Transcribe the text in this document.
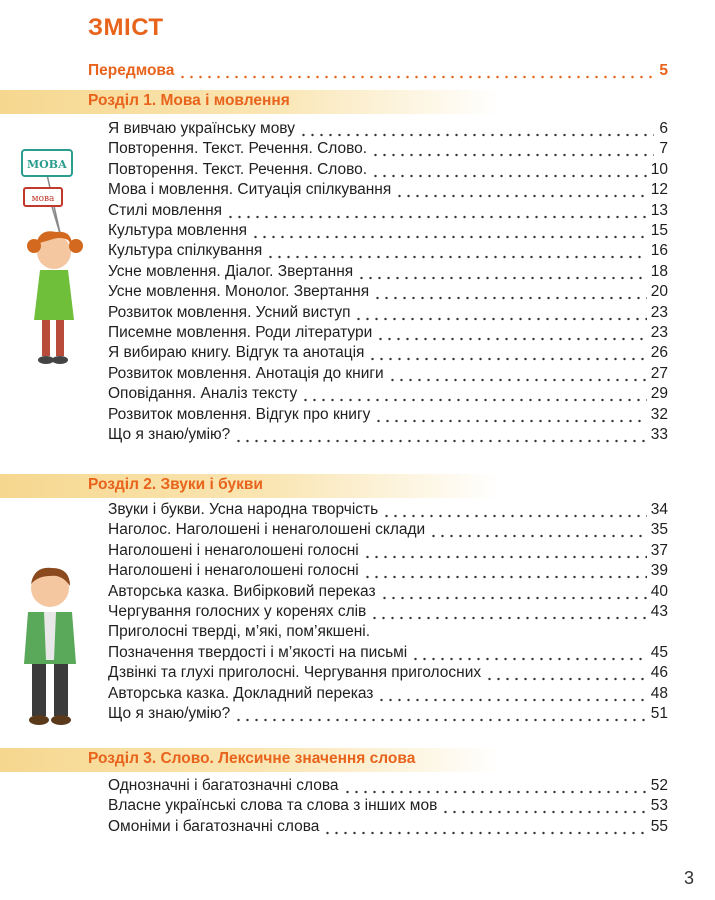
ЗМІСТ
Передмова	5
Розділ 1. Мова і мовлення
Я вивчаю українську мову	6
Повторення. Текст. Речення. Слово.	7
Повторення. Текст. Речення. Слово.	10
Мова і мовлення. Ситуація спілкування	12
Стилі мовлення	13
Культура мовлення	15
Культура спілкування	16
Усне мовлення. Діалог. Звертання	18
Усне мовлення. Монолог. Звертання	20
Розвиток мовлення. Усний виступ	23
Писемне мовлення. Роди літератури	23
Я вибираю книгу. Відгук та анотація	26
Розвиток мовлення. Анотація до книги	27
Оповідання. Аналіз тексту	29
Розвиток мовлення. Відгук про книгу	32
Що я знаю/умію?	33
Розділ 2. Звуки і букви
Звуки і букви. Усна народна творчість	34
Наголос. Наголошені і ненаголошені склади	35
Наголошені і ненаголошені голосні	37
Наголошені і ненаголошені голосні	39
Авторська казка. Вибірковий переказ	40
Чергування голосних у коренях слів	43
Приголосні тверді, м’які, пом’якшені.
Позначення твердості і м’якості на письмі	45
Дзвінкі та глухі приголосні. Чергування приголосних	46
Авторська казка. Докладний переказ	48
Що я знаю/умію?	51
Розділ 3. Слово. Лексичне значення слова
Однозначні і багатозначні слова	52
Власне українські слова та слова з інших мов	53
Омоніми і багатозначні слова	55
МОВА
мова
3
